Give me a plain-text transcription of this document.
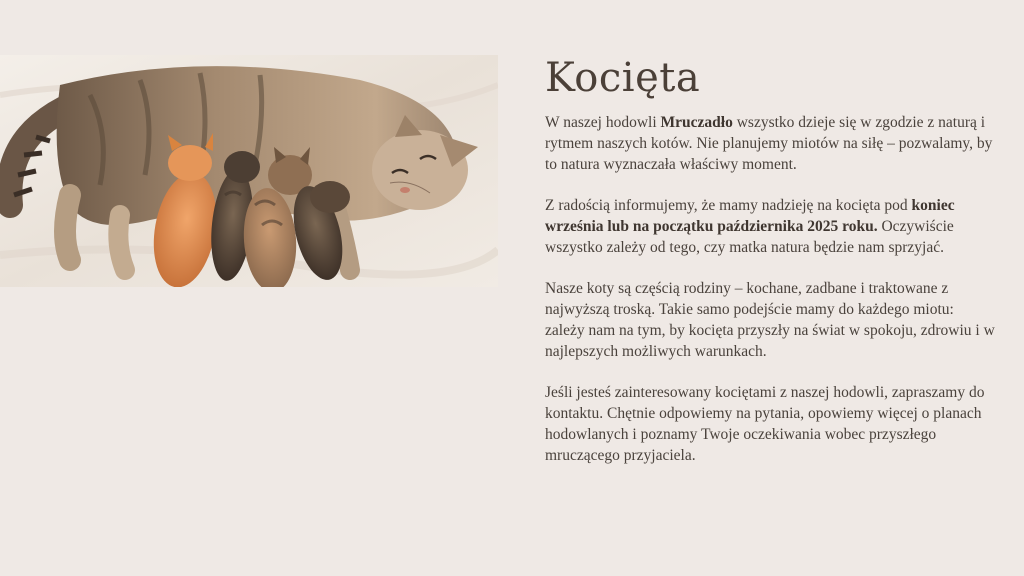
Kocięta

W naszej hodowli Mruczadło wszystko dzieje się w zgodzie z naturą i rytmem naszych kotów. Nie planujemy miotów na siłę – pozwalamy, by to natura wyznaczała właściwy moment.

Z radością informujemy, że mamy nadzieję na kocięta pod koniec września lub na początku października 2025 roku. Oczywiście wszystko zależy od tego, czy matka natura będzie nam sprzyjać.

Nasze koty są częścią rodziny – kochane, zadbane i traktowane z najwyższą troską. Takie samo podejście mamy do każdego miotu: zależy nam na tym, by kocięta przyszły na świat w spokoju, zdrowiu i w najlepszych możliwych warunkach.

Jeśli jesteś zainteresowany kociętami z naszej hodowli, zapraszamy do kontaktu. Chętnie odpowiemy na pytania, opowiemy więcej o planach hodowlanych i poznamy Twoje oczekiwania wobec przyszłego mruczącego przyjaciela.
